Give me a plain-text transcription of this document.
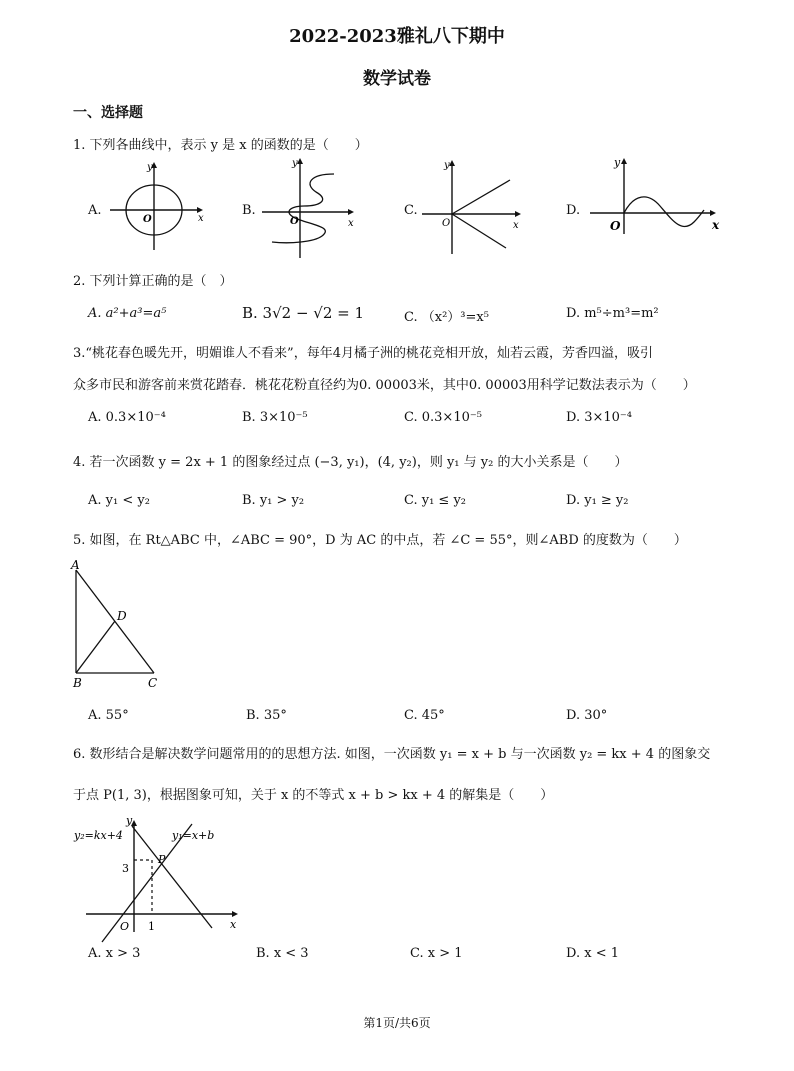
2022-2023雅礼八下期中
数学试卷
一、选择题
1. 下列各曲线中，表示 y 是 x 的函数的是（　　）
A.	B.	C.	D.
y
x
O
y
x
O
y
x
O
y
x
O
2. 下列计算正确的是（　）
A. a²+a³=a⁵	B. 3√2 − √2 = 1	C. （x²）³=x⁵	D. m⁵÷m³=m²
3.“桃花春色暖先开，明媚谁人不看来”，每年4月橘子洲的桃花竞相开放，灿若云霞，芳香四溢，吸引
众多市民和游客前来赏花踏春．桃花花粉直径约为0. 00003米，其中0. 00003用科学记数法表示为（　　）
A. 0.3×10⁻⁴	B. 3×10⁻⁵	C. 0.3×10⁻⁵	D. 3×10⁻⁴
4. 若一次函数 y = 2x + 1 的图象经过点 (−3, y₁)，(4, y₂)，则 y₁ 与 y₂ 的大小关系是（　　）
A. y₁ < y₂	B. y₁ > y₂	C. y₁ ≤ y₂	D. y₁ ≥ y₂
5. 如图，在 Rt△ABC 中，∠ABC = 90°，D 为 AC 的中点，若 ∠C = 55°，则∠ABD 的度数为（　　）
A
D
B	C
A. 55°	B. 35°	C. 45°	D. 30°
6. 数形结合是解决数学问题常用的的思想方法. 如图，一次函数 y₁ = x + b 与一次函数 y₂ = kx + 4 的图象交
于点 P(1, 3)，根据图象可知，关于 x 的不等式 x + b > kx + 4 的解集是（　　）
y₂=kx+4	y₁=x+b
y
x
P
3
O 1
A. x > 3	B. x < 3	C. x > 1	D. x < 1
第1页/共6页
